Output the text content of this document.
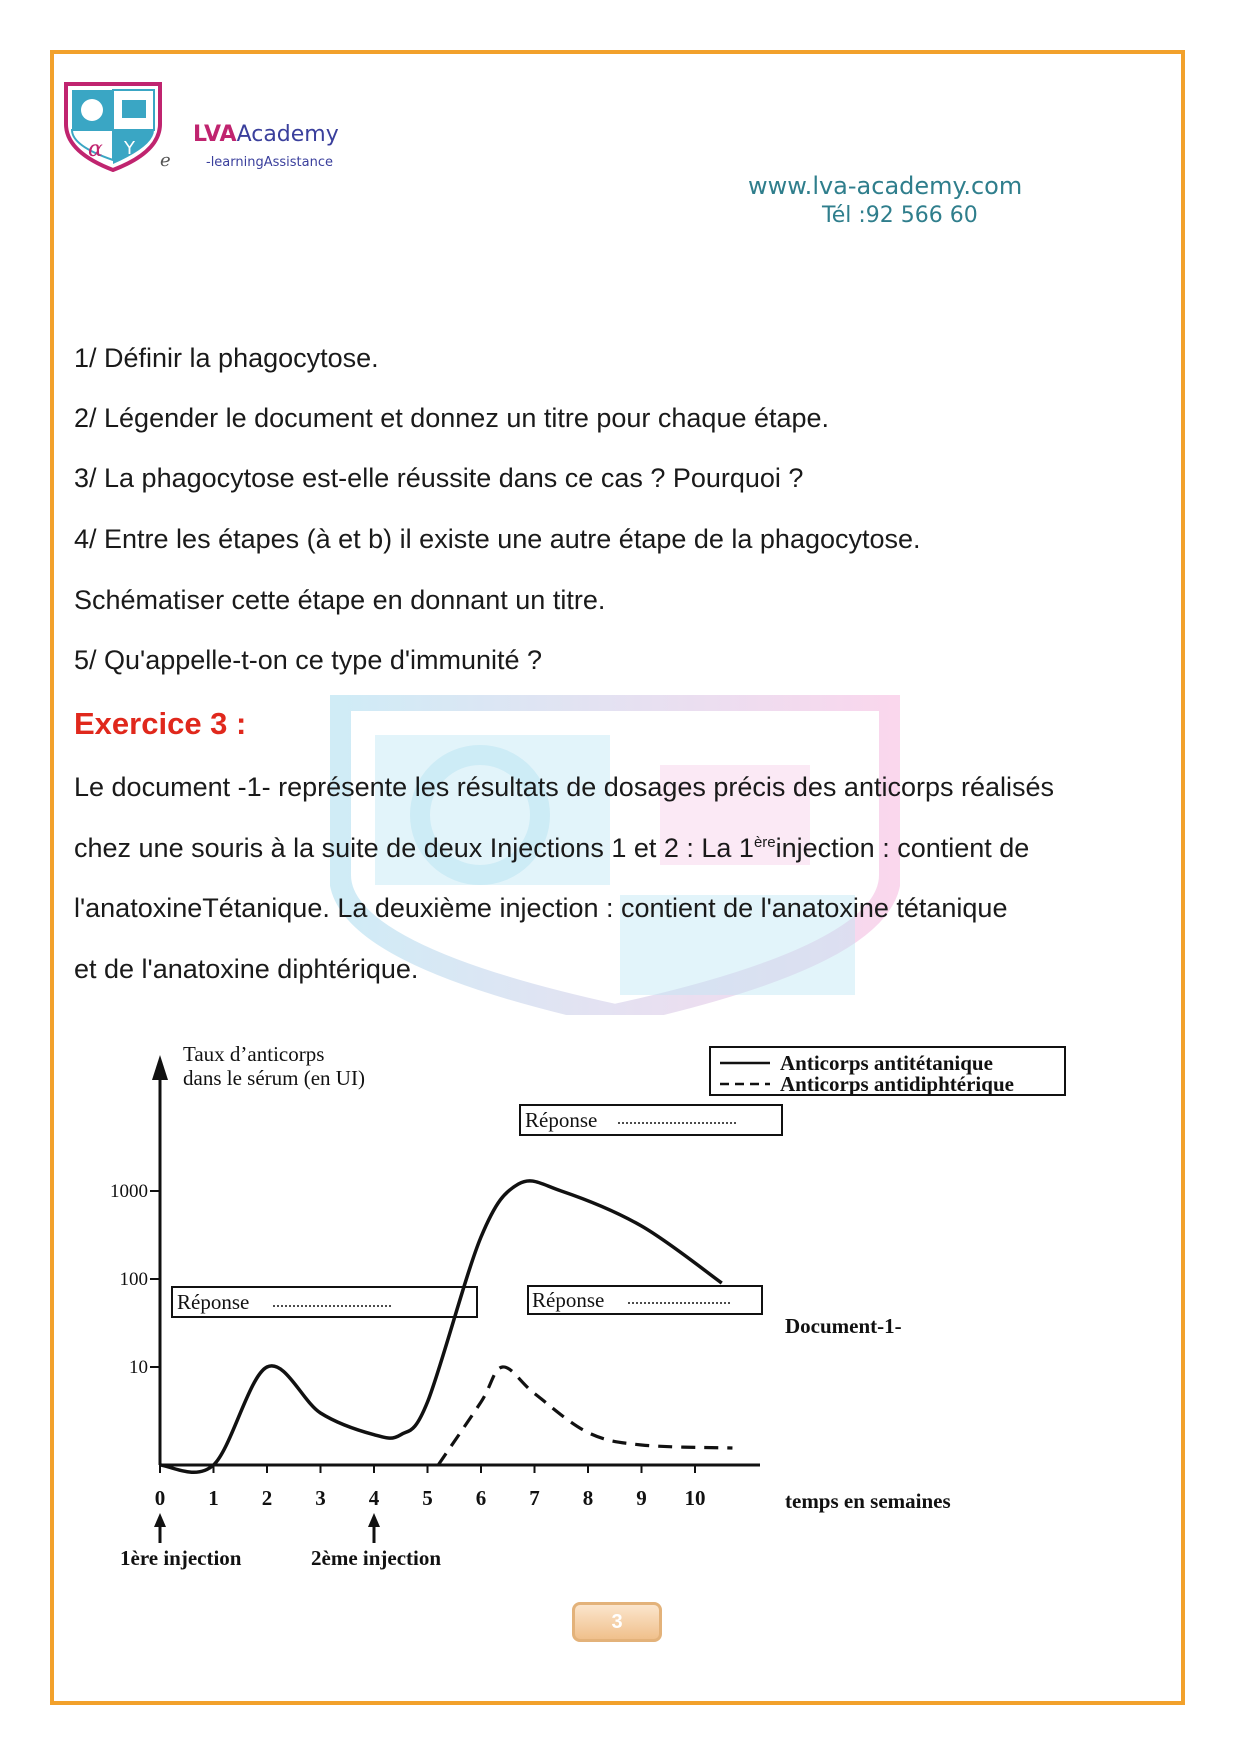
α Y
e
LVAAcademy
-learningAssistance
www.lva-academy.com
Tél :92 566 60
1/ Définir la phagocytose.
2/ Légender le document et donnez un titre pour chaque étape.
3/ La phagocytose est-elle réussite dans ce cas ? Pourquoi ?
4/ Entre les étapes (à et b) il existe une autre étape de la phagocytose.
Schématiser cette étape en donnant un titre.
5/ Qu'appelle-t-on ce type d'immunité ?
Exercice 3 :
Le document -1- représente les résultats de dosages précis des anticorps réalisés
chez une souris à la suite de deux Injections 1 et 2 : La 1èreinjection : contient de
l'anatoxineTétanique. La deuxième injection : contient de l'anatoxine tétanique
et de l'anatoxine diphtérique.
1000
100
10
0 1 2 3 4 5 6 7 8 9 10
Taux d’anticorps
dans le sérum (en UI)
temps en semaines
Anticorps antitétanique
Anticorps antidiphtérique
Réponse
Réponse	Réponse
1ère injection	2ème injection
Document-1-
3
